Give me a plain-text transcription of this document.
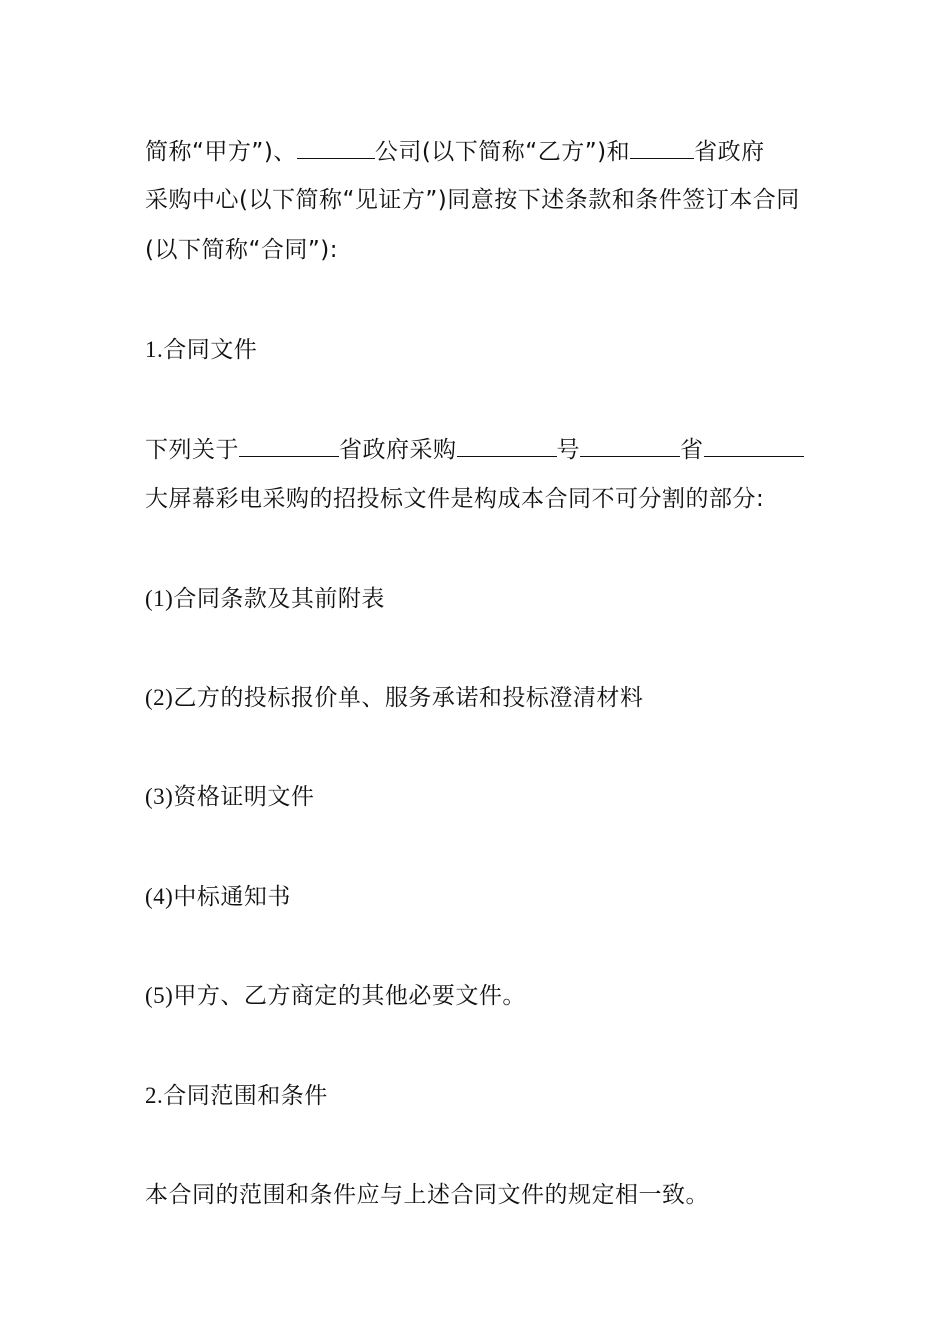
简称“甲方”)、	公司(以下简称“乙方”)和	省政府
采购中心(以下简称“见证方”)同意按下述条款和条件签订本合同
(以下简称“合同”):
1.合同文件
下列关于	省政府采购	号	省
大屏幕彩电采购的招投标文件是构成本合同不可分割的部分:
(1)合同条款及其前附表
(2)乙方的投标报价单、服务承诺和投标澄清材料
(3)资格证明文件
(4)中标通知书
(5)甲方、乙方商定的其他必要文件。
2.合同范围和条件
本合同的范围和条件应与上述合同文件的规定相一致。
